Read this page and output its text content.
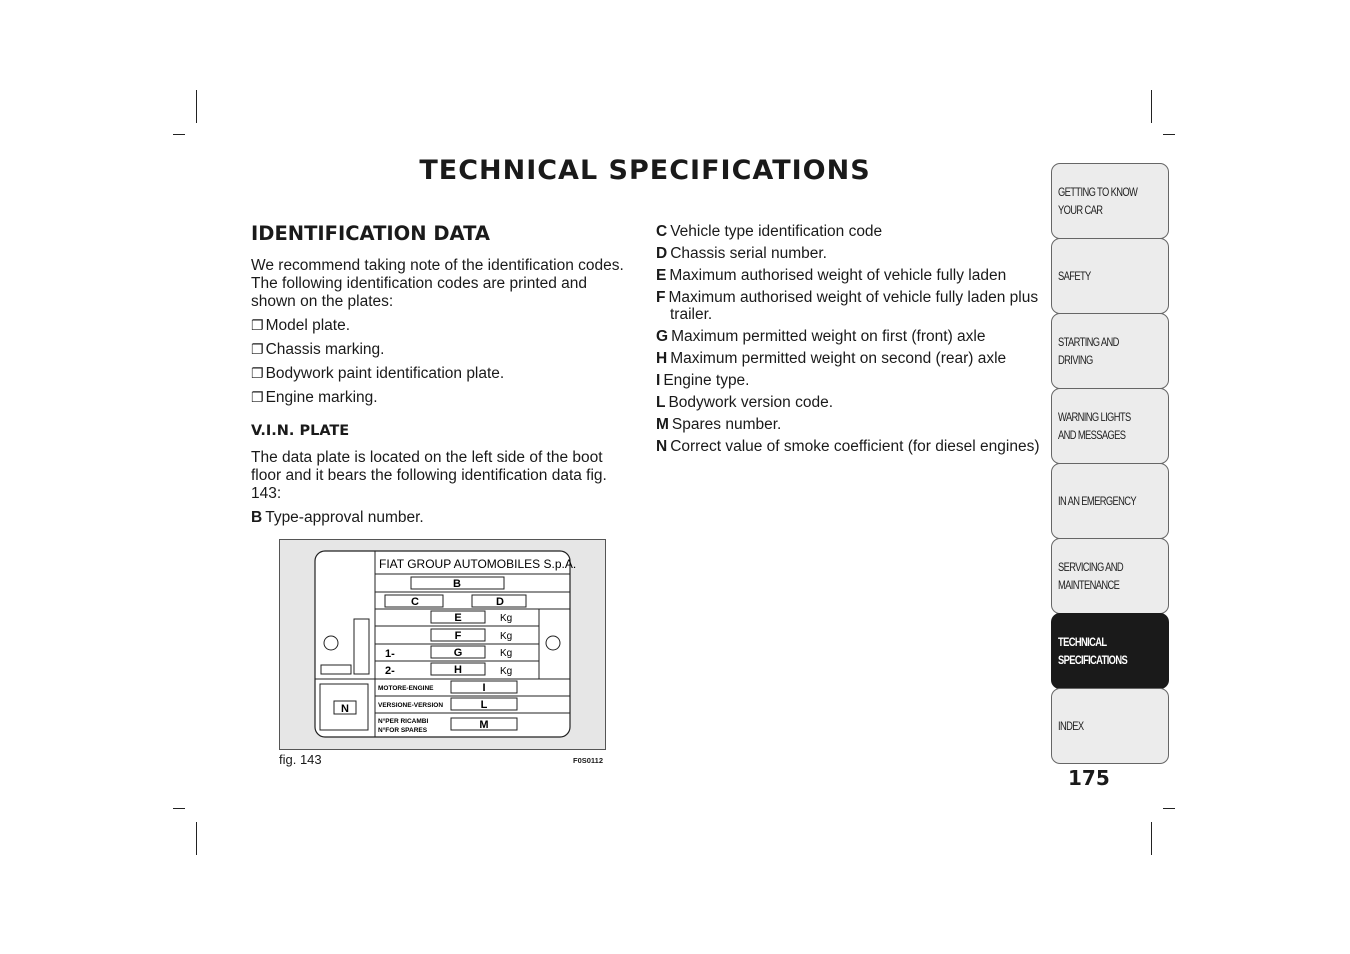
TECHNICAL SPECIFICATIONS
IDENTIFICATION DATA
We recommend taking note of the identification codes. The following identification codes are printed and shown on the plates:
❐ Model plate.
❐ Chassis marking.
❐ Bodywork paint identification plate.
❐ Engine marking.
V.I.N. PLATE
The data plate is located on the left side of the boot floor and it bears the following identification data fig. 143:
B Type-approval number.
C Vehicle type identification code
D Chassis serial number.
E Maximum authorised weight of vehicle fully laden
F Maximum authorised weight of vehicle fully laden plus trailer.
G Maximum permitted weight on first (front) axle
H Maximum permitted weight on second (rear) axle
I Engine type.
L Bodywork version code.
M Spares number.
N Correct value of smoke coefficient (for diesel engines)
N
FIAT GROUP AUTOMOBILES S.p.A.
B
C	D
E	Kg
F	Kg
1-	G	Kg
2-	H	Kg
MOTORE-ENGINE	I
VERSIONE-VERSION	L
N°PER RICAMBI
N°FOR SPARES	M
fig. 143	F0S0112
GETTING TO KNOW
YOUR CAR
SAFETY
STARTING AND
DRIVING
WARNING LIGHTS
AND MESSAGES
IN AN EMERGENCY
SERVICING AND
MAINTENANCE
TECHNICAL
SPECIFICATIONS
INDEX
175
